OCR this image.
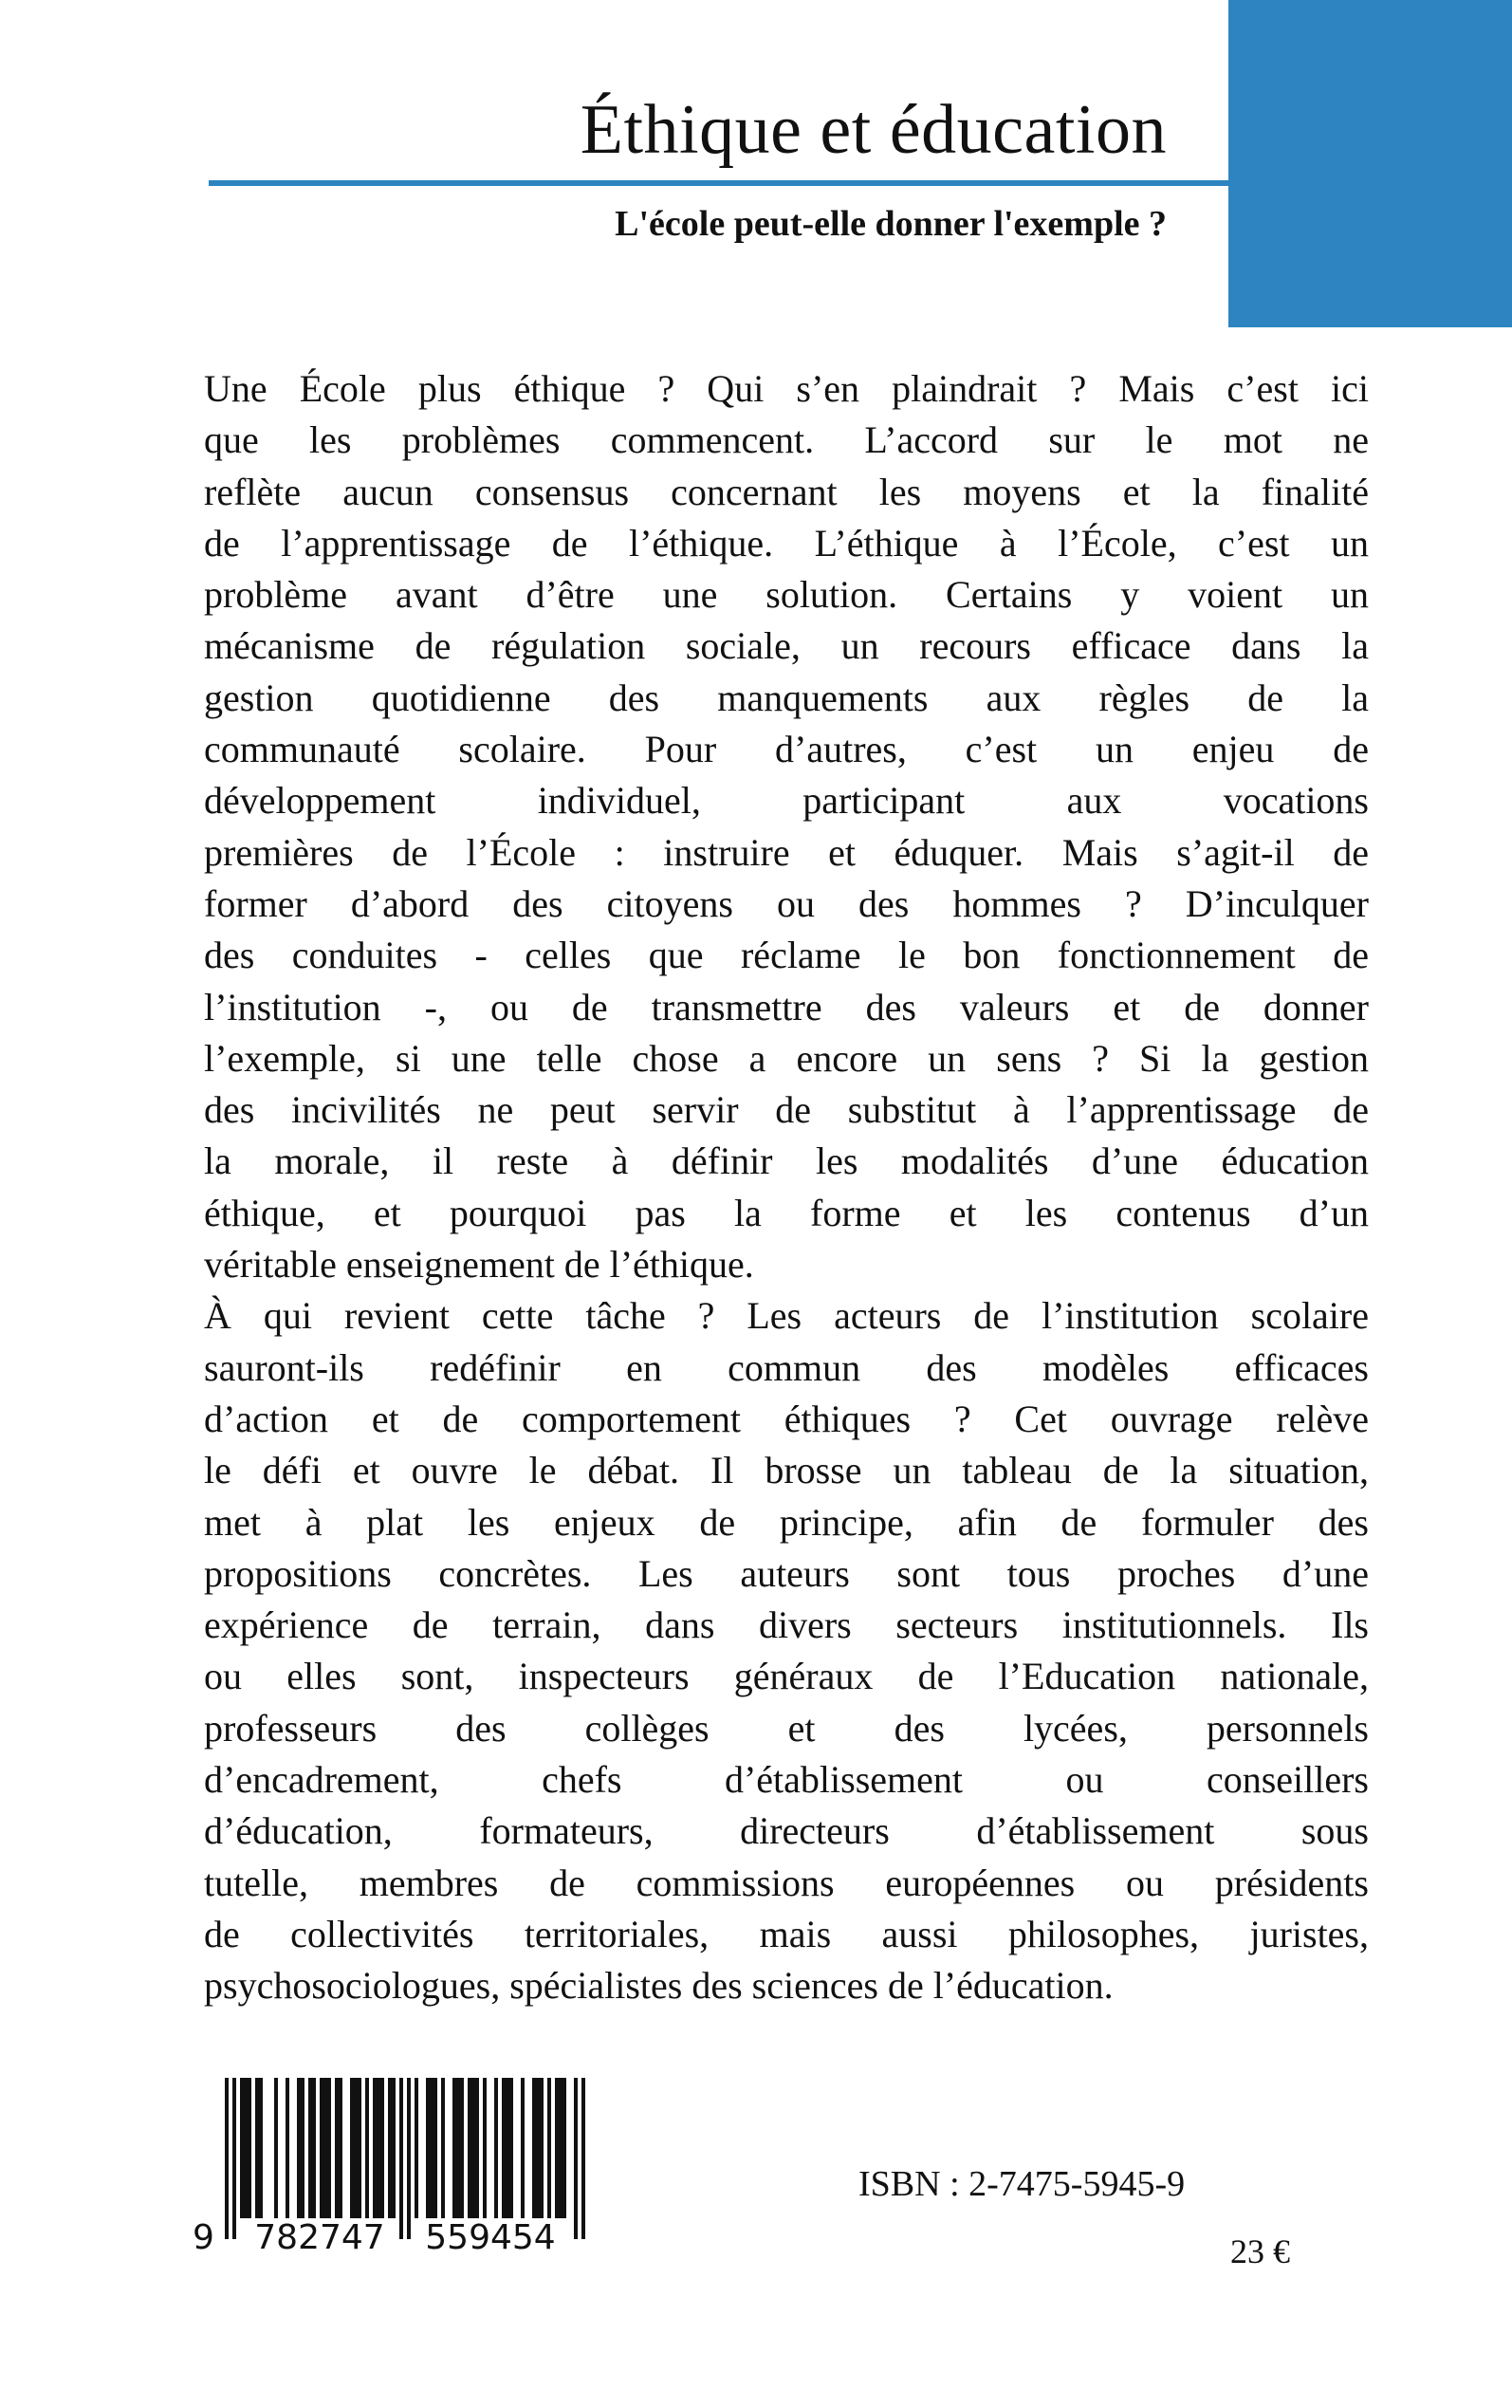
Éthique et éducation
L'école peut-elle donner l'exemple ?
Une École plus éthique ? Qui s’en plaindrait ? Mais c’est ici
que les problèmes commencent. L’accord sur le mot ne
reflète aucun consensus concernant les moyens et la finalité
de l’apprentissage de l’éthique. L’éthique à l’École, c’est un
problème avant d’être une solution. Certains y voient un
mécanisme de régulation sociale, un recours efficace dans la
gestion quotidienne des manquements aux règles de la
communauté scolaire. Pour d’autres, c’est un enjeu de
développement individuel, participant aux vocations
premières de l’École : instruire et éduquer. Mais s’agit-il de
former d’abord des citoyens ou des hommes ? D’inculquer
des conduites - celles que réclame le bon fonctionnement de
l’institution -, ou de transmettre des valeurs et de donner
l’exemple, si une telle chose a encore un sens ? Si la gestion
des incivilités ne peut servir de substitut à l’apprentissage de
la morale, il reste à définir les modalités d’une éducation
éthique, et pourquoi pas la forme et les contenus d’un
véritable enseignement de l’éthique.
À qui revient cette tâche ? Les acteurs de l’institution scolaire
sauront-ils redéfinir en commun des modèles efficaces
d’action et de comportement éthiques ? Cet ouvrage relève
le défi et ouvre le débat. Il brosse un tableau de la situation,
met à plat les enjeux de principe, afin de formuler des
propositions concrètes. Les auteurs sont tous proches d’une
expérience de terrain, dans divers secteurs institutionnels. Ils
ou elles sont, inspecteurs généraux de l’Education nationale,
professeurs des collèges et des lycées, personnels
d’encadrement, chefs d’établissement ou conseillers
d’éducation, formateurs, directeurs d’établissement sous
tutelle, membres de commissions européennes ou présidents
de collectivités territoriales, mais aussi philosophes, juristes,
psychosociologues, spécialistes des sciences de l’éducation.
9 782747 559454
ISBN : 2-7475-5945-9
23 €
